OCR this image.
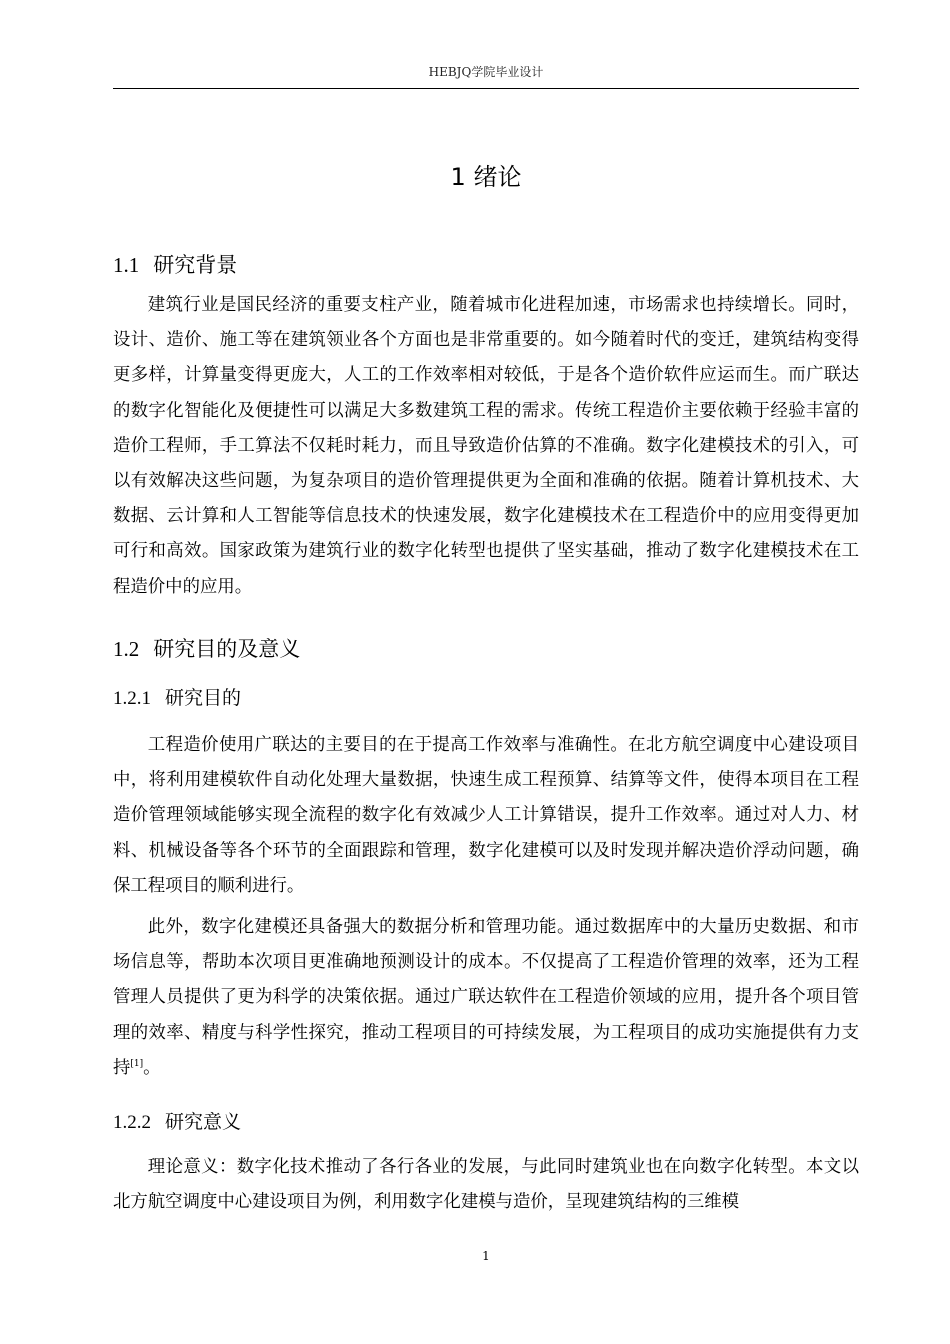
HEBJQ学院毕业设计
1 绪论
1.1 研究背景

建筑行业是国民经济的重要支柱产业，随着城市化进程加速，市场需求也持续增长。同时，设计、造价、施工等在建筑领业各个方面也是非常重要的。如今随着时代的变迁，建筑结构变得更多样，计算量变得更庞大，人工的工作效率相对较低，于是各个造价软件应运而生。而广联达的数字化智能化及便捷性可以满足大多数建筑工程的需求。传统工程造价主要依赖于经验丰富的造价工程师，手工算法不仅耗时耗力，而且导致造价估算的不准确。数字化建模技术的引入，可以有效解决这些问题，为复杂项目的造价管理提供更为全面和准确的依据。随着计算机技术、大数据、云计算和人工智能等信息技术的快速发展，数字化建模技术在工程造价中的应用变得更加可行和高效。国家政策为建筑行业的数字化转型也提供了坚实基础，推动了数字化建模技术在工程造价中的应用。

1.2 研究目的及意义
1.2.1 研究目的

工程造价使用广联达的主要目的在于提高工作效率与准确性。在北方航空调度中心建设项目中，将利用建模软件自动化处理大量数据，快速生成工程预算、结算等文件，使得本项目在工程造价管理领域能够实现全流程的数字化有效减少人工计算错误，提升工作效率。通过对人力、材料、机械设备等各个环节的全面跟踪和管理，数字化建模可以及时发现并解决造价浮动问题，确保工程项目的顺利进行。

此外，数字化建模还具备强大的数据分析和管理功能。通过数据库中的大量历史数据、和市场信息等，帮助本次项目更准确地预测设计的成本。不仅提高了工程造价管理的效率，还为工程管理人员提供了更为科学的决策依据。通过广联达软件在工程造价领域的应用，提升各个项目管理的效率、精度与科学性探究，推动工程项目的可持续发展，为工程项目的成功实施提供有力支持[1]。

1.2.2 研究意义

理论意义：数字化技术推动了各行各业的发展，与此同时建筑业也在向数字化转型。本文以北方航空调度中心建设项目为例，利用数字化建模与造价，呈现建筑结构的三维模

1
